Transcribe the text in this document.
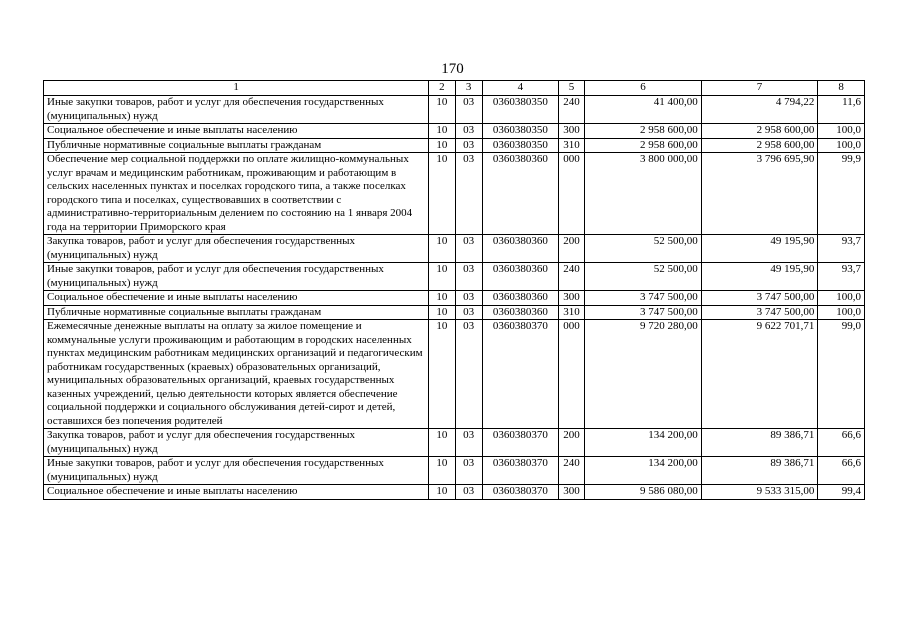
170
1	2	3	4	5	6	7	8
Иные закупки товаров, работ и услуг для обеспечения государственных (муниципальных) нужд	10	03	0360380350	240	41 400,00	4 794,22	11,6
Социальное обеспечение и иные выплаты населению	10	03	0360380350	300	2 958 600,00	2 958 600,00	100,0
Публичные нормативные социальные выплаты гражданам	10	03	0360380350	310	2 958 600,00	2 958 600,00	100,0
Обеспечение мер социальной поддержки по оплате жилищно-коммунальных услуг врачам и медицинским работникам, проживающим и работающим в сельских населенных пунктах и поселках городского типа, а также поселках городского типа и поселках, существовавших в соответствии с административно-территориальным делением по состоянию на 1 января 2004 года на территории Приморского края	10	03	0360380360	000	3 800 000,00	3 796 695,90	99,9
Закупка товаров, работ и услуг для обеспечения государственных (муниципальных) нужд	10	03	0360380360	200	52 500,00	49 195,90	93,7
Иные закупки товаров, работ и услуг для обеспечения государственных (муниципальных) нужд	10	03	0360380360	240	52 500,00	49 195,90	93,7
Социальное обеспечение и иные выплаты населению	10	03	0360380360	300	3 747 500,00	3 747 500,00	100,0
Публичные нормативные социальные выплаты гражданам	10	03	0360380360	310	3 747 500,00	3 747 500,00	100,0
Ежемесячные денежные выплаты на оплату за жилое помещение и коммунальные услуги проживающим и работающим в городских населенных пунктах медицинским работникам медицинских организаций и педагогическим работникам государственных (краевых) образовательных организаций, муниципальных образовательных организаций, краевых государственных казенных учреждений, целью деятельности которых является обеспечение социальной поддержки и социального обслуживания детей-сирот и детей, оставшихся без попечения родителей	10	03	0360380370	000	9 720 280,00	9 622 701,71	99,0
Закупка товаров, работ и услуг для обеспечения государственных (муниципальных) нужд	10	03	0360380370	200	134 200,00	89 386,71	66,6
Иные закупки товаров, работ и услуг для обеспечения государственных (муниципальных) нужд	10	03	0360380370	240	134 200,00	89 386,71	66,6
Социальное обеспечение и иные выплаты населению	10	03	0360380370	300	9 586 080,00	9 533 315,00	99,4
